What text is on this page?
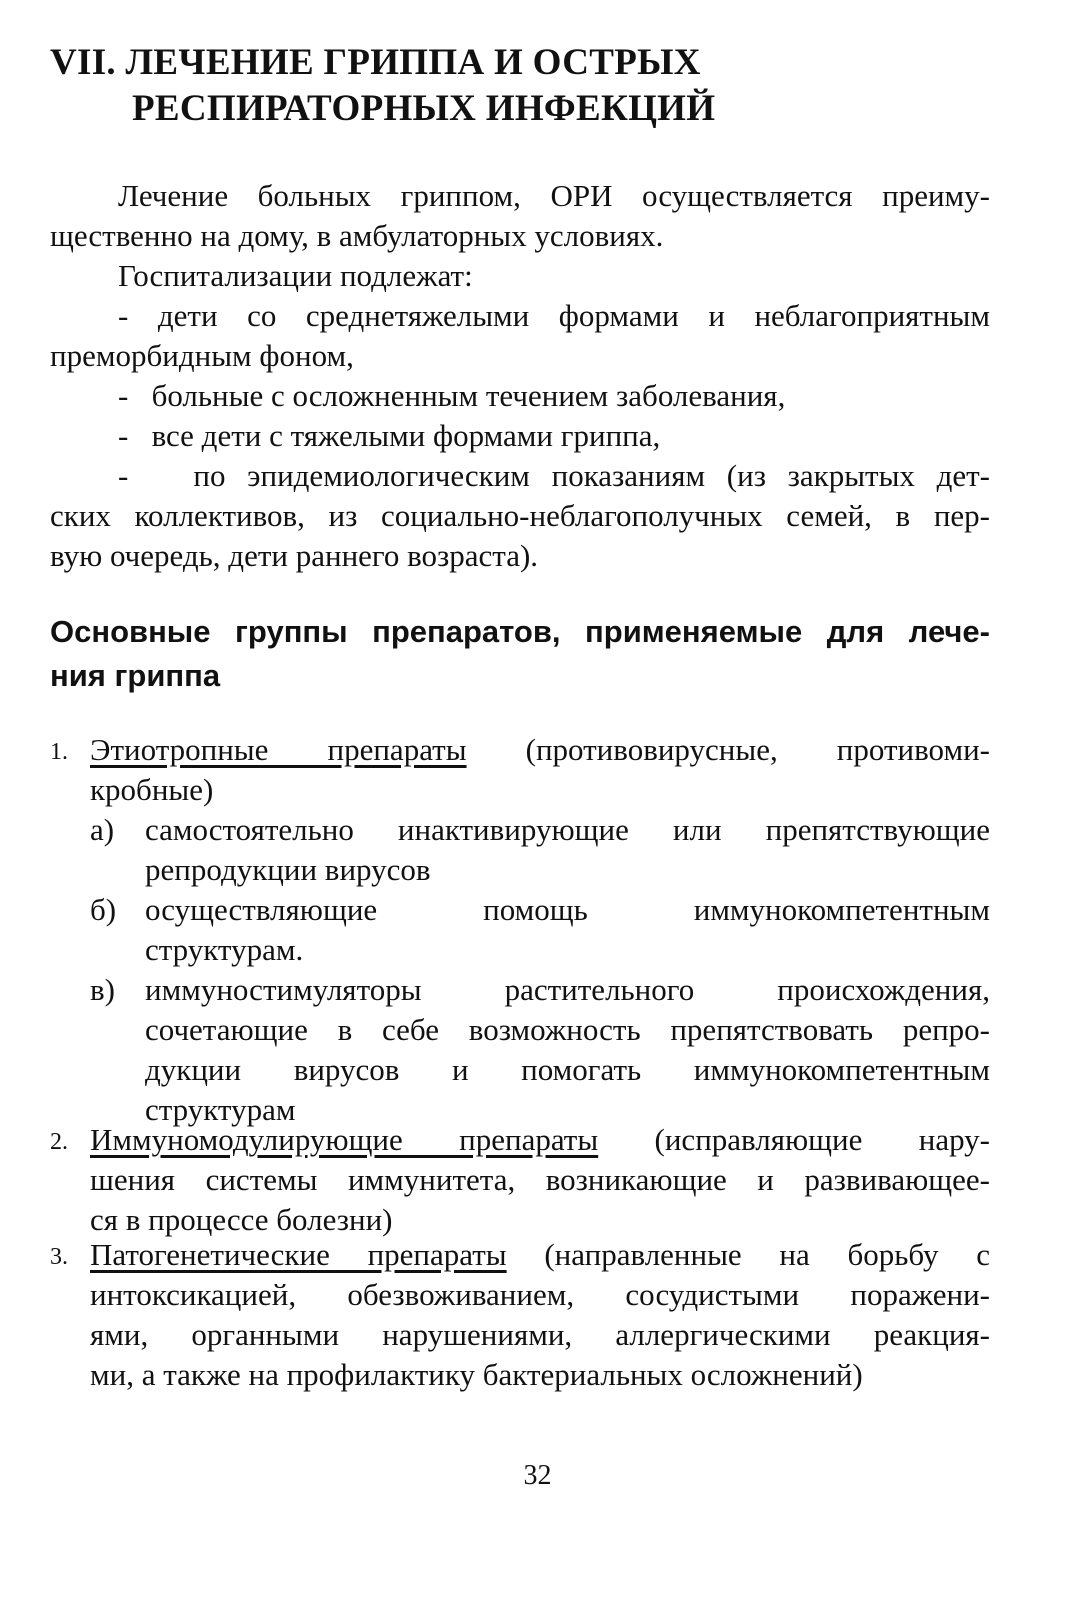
VII. ЛЕЧЕНИЕ ГРИППА И ОСТРЫХ
РЕСПИРАТОРНЫХ ИНФЕКЦИЙ
Лечение больных гриппом, ОРИ осуществляется преиму-
щественно на дому, в амбулаторных условиях.
Госпитализации подлежат:
- дети со среднетяжелыми формами и неблагоприятным
преморбидным фоном,
-   больные с осложненным течением заболевания,
-   все дети с тяжелыми формами гриппа,
-   по эпидемиологическим показаниям (из закрытых дет-
ских коллективов, из социально-неблагополучных семей, в пер-
вую очередь, дети раннего возраста).
Основные группы препаратов, применяемые для лече-
ния гриппа
1. Этиотропные препараты (противовирусные, противоми-
кробные)
а) самостоятельно инактивирующие или препятствующие
репродукции вирусов
б) осуществляющие помощь иммунокомпетентным
структурам.
в) иммуностимуляторы растительного происхождения,
сочетающие в себе возможность препятствовать репро-
дукции вирусов и помогать иммунокомпетентным
структурам
2. Иммуномодулирующие препараты (исправляющие нару-
шения системы иммунитета, возникающие и развивающее-
ся в процессе болезни)
3. Патогенетические препараты (направленные на борьбу с
интоксикацией, обезвоживанием, сосудистыми поражени-
ями, органными нарушениями, аллергическими реакция-
ми, а также на профилактику бактериальных осложнений)
32
